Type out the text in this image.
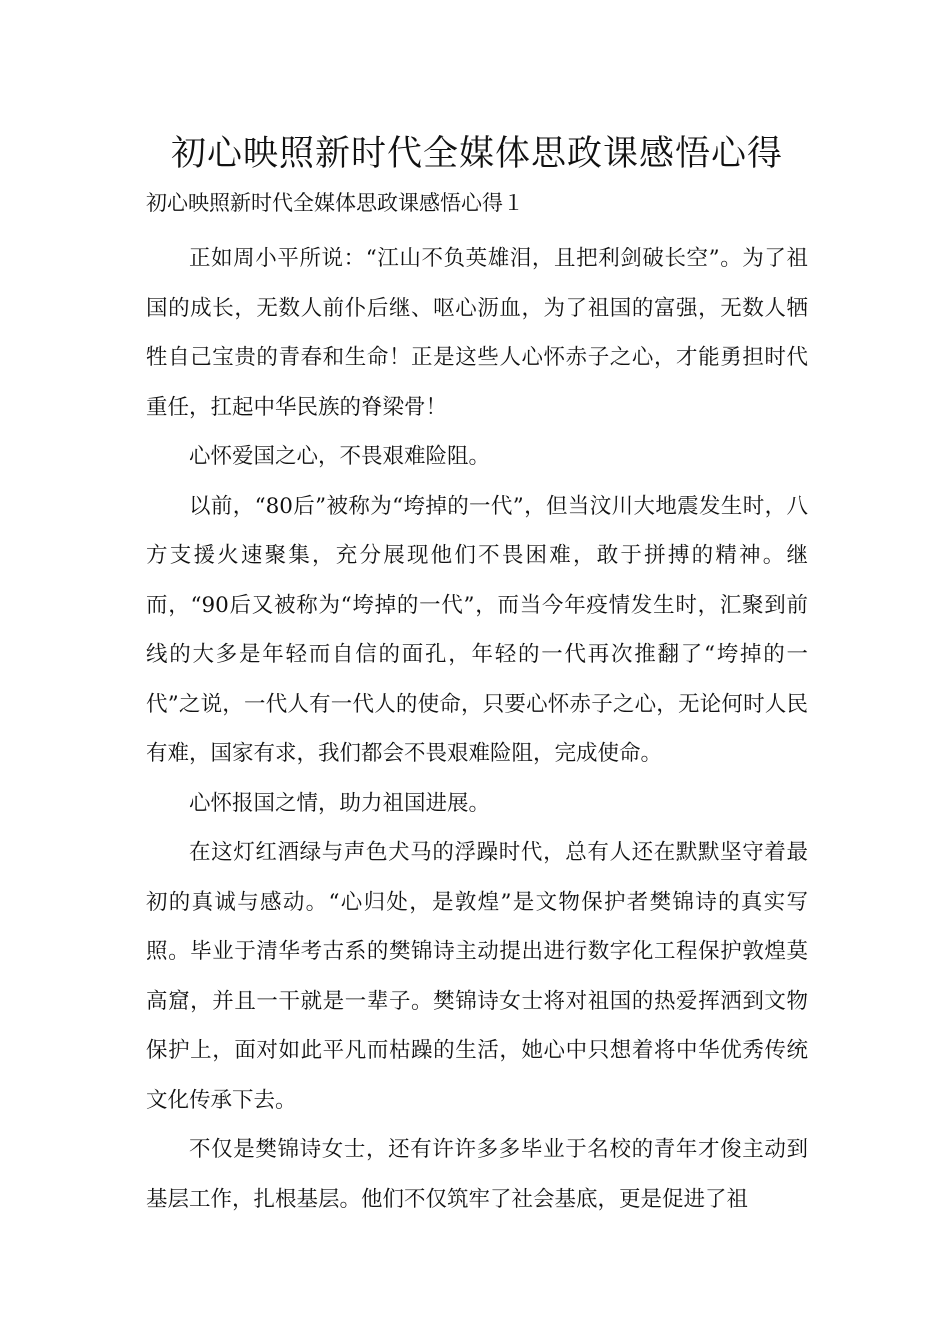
初心映照新时代全媒体思政课感悟心得
初心映照新时代全媒体思政课感悟心得１

正如周小平所说：“江山不负英雄泪，且把利剑破长空”。为了祖国的成长，无数人前仆后继、呕心沥血，为了祖国的富强，无数人牺牲自己宝贵的青春和生命！正是这些人心怀赤子之心，才能勇担时代重任，扛起中华民族的脊梁骨！

心怀爱国之心，不畏艰难险阻。

以前，“80后”被称为“垮掉的一代”，但当汶川大地震发生时，八方支援火速聚集，充分展现他们不畏困难，敢于拼搏的精神。继而，“90后又被称为“垮掉的一代”，而当今年疫情发生时，汇聚到前线的大多是年轻而自信的面孔，年轻的一代再次推翻了“垮掉的一代”之说，一代人有一代人的使命，只要心怀赤子之心，无论何时人民有难，国家有求，我们都会不畏艰难险阻，完成使命。

心怀报国之情，助力祖国进展。

在这灯红酒绿与声色犬马的浮躁时代，总有人还在默默坚守着最初的真诚与感动。“心归处，是敦煌”是文物保护者樊锦诗的真实写照。毕业于清华考古系的樊锦诗主动提出进行数字化工程保护敦煌莫高窟，并且一干就是一辈子。樊锦诗女士将对祖国的热爱挥洒到文物保护上，面对如此平凡而枯躁的生活，她心中只想着将中华优秀传统文化传承下去。

不仅是樊锦诗女士，还有许许多多毕业于名校的青年才俊主动到基层工作，扎根基层。他们不仅筑牢了社会基底，更是促进了祖
